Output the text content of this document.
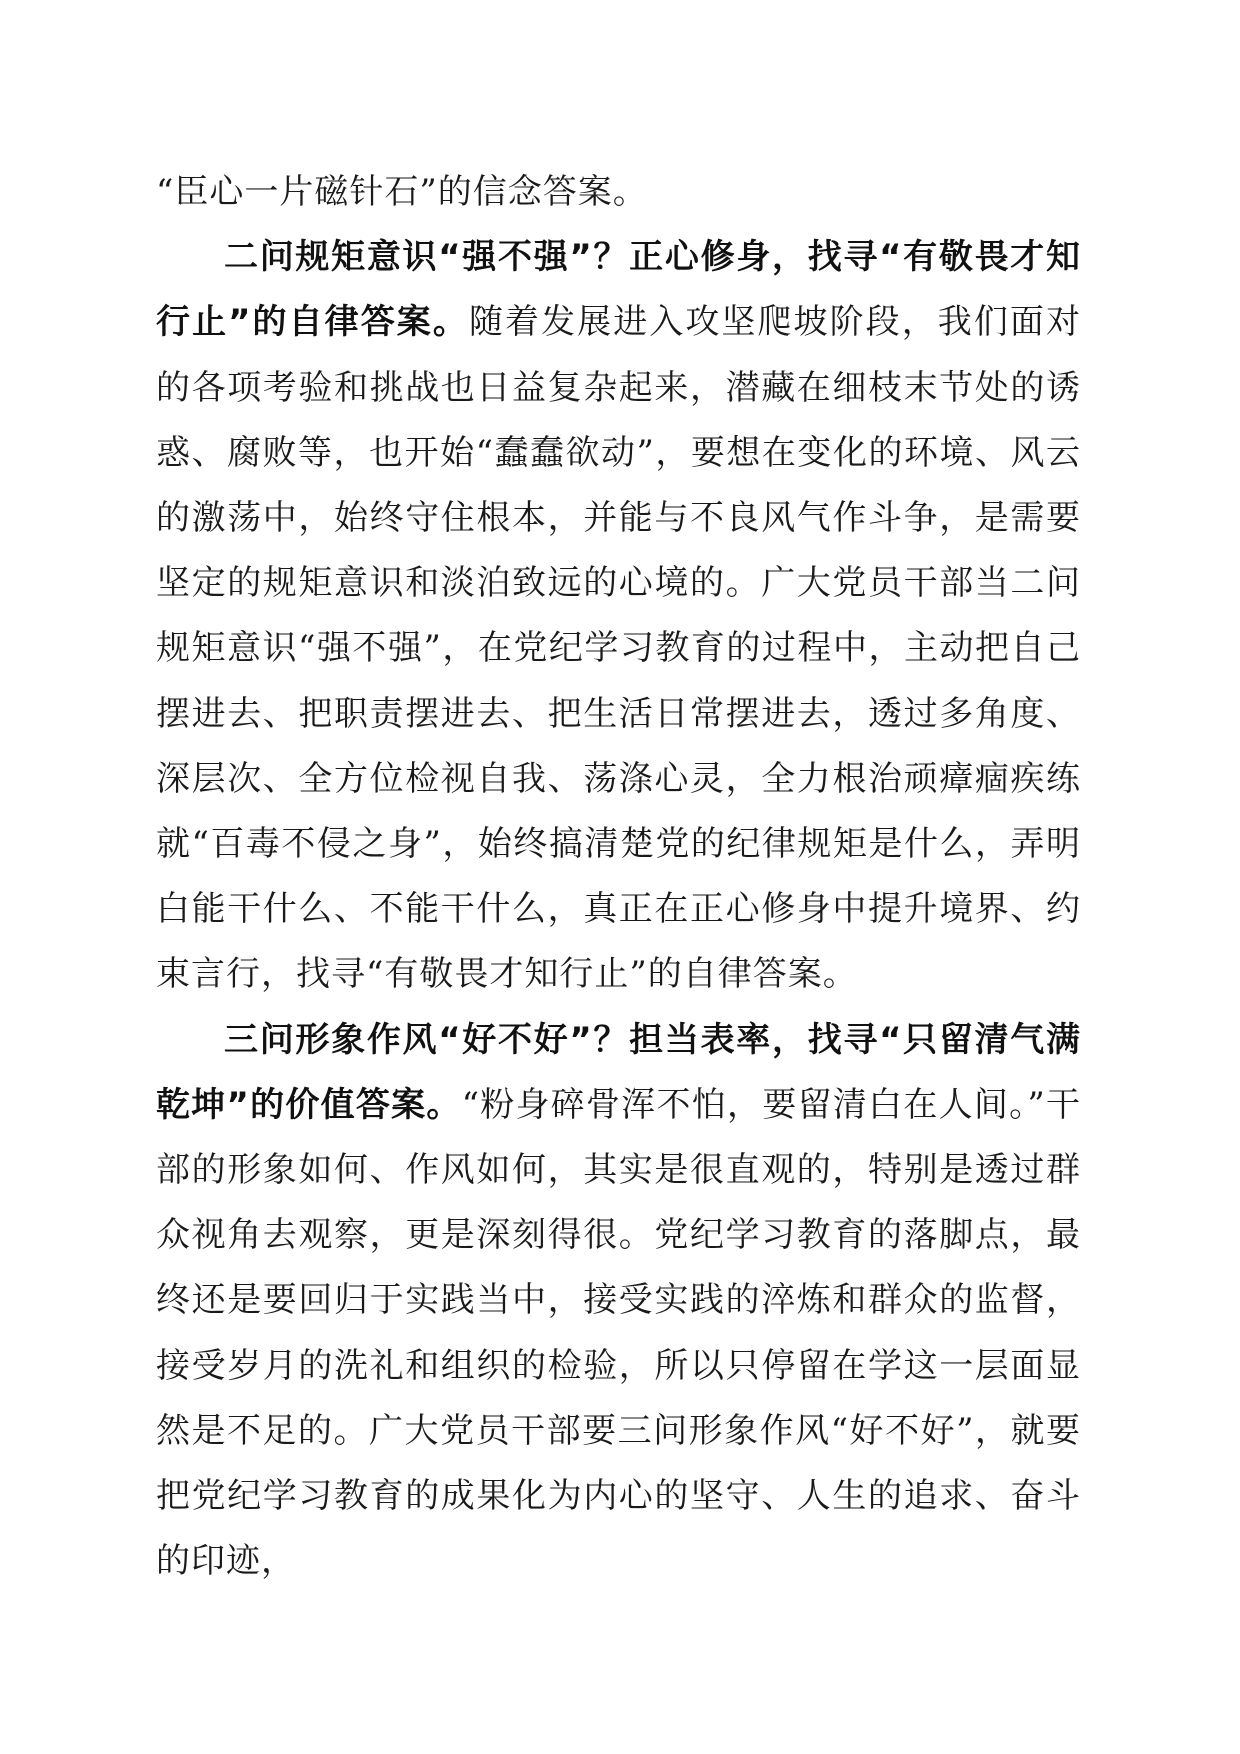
“臣心一片磁针石”的信念答案。

二问规矩意识“强不强”？正心修身，找寻“有敬畏才知行止”的自律答案。随着发展进入攻坚爬坡阶段，我们面对的各项考验和挑战也日益复杂起来，潜藏在细枝末节处的诱惑、腐败等，也开始“蠢蠢欲动”，要想在变化的环境、风云的激荡中，始终守住根本，并能与不良风气作斗争，是需要坚定的规矩意识和淡泊致远的心境的。广大党员干部当二问规矩意识“强不强”，在党纪学习教育的过程中，主动把自己摆进去、把职责摆进去、把生活日常摆进去，透过多角度、深层次、全方位检视自我、荡涤心灵，全力根治顽瘴痼疾练就“百毒不侵之身”，始终搞清楚党的纪律规矩是什么，弄明白能干什么、不能干什么，真正在正心修身中提升境界、约束言行，找寻“有敬畏才知行止”的自律答案。

三问形象作风“好不好”？担当表率，找寻“只留清气满乾坤”的价值答案。“粉身碎骨浑不怕，要留清白在人间。”干部的形象如何、作风如何，其实是很直观的，特别是透过群众视角去观察，更是深刻得很。党纪学习教育的落脚点，最终还是要回归于实践当中，接受实践的淬炼和群众的监督，接受岁月的洗礼和组织的检验，所以只停留在学这一层面显然是不足的。广大党员干部要三问形象作风“好不好”，就要把党纪学习教育的成果化为内心的坚守、人生的追求、奋斗的印迹，
